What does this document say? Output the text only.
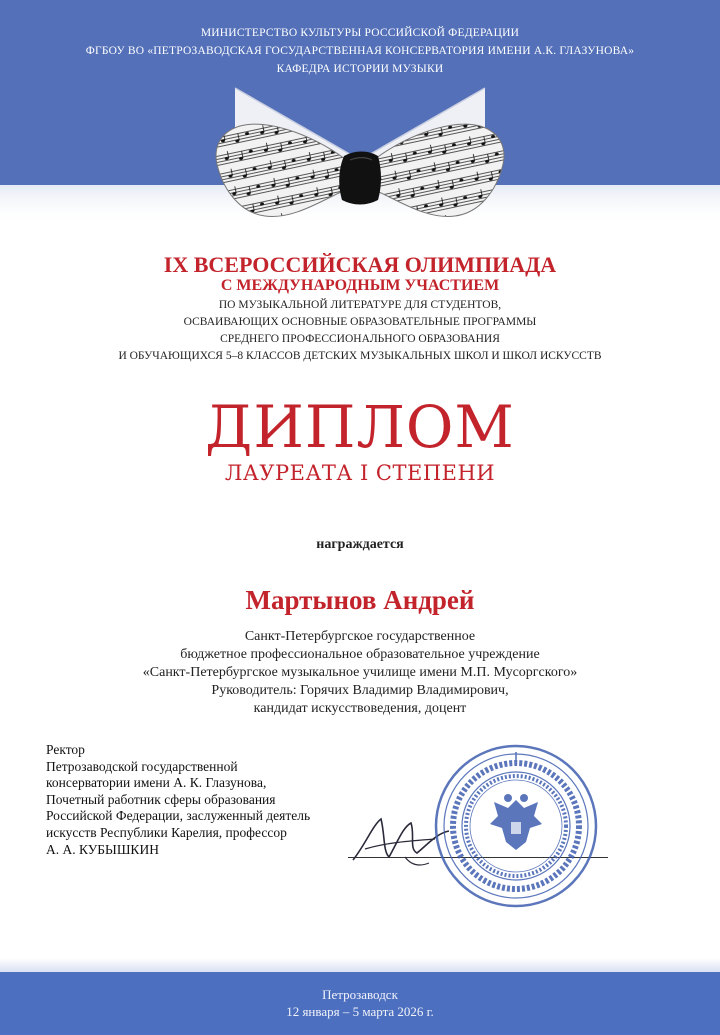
МИНИСТЕРСТВО КУЛЬТУРЫ РОССИЙСКОЙ ФЕДЕРАЦИИ
ФГБОУ ВО «ПЕТРОЗАВОДСКАЯ ГОСУДАРСТВЕННАЯ КОНСЕРВАТОРИЯ ИМЕНИ А.К. ГЛАЗУНОВА»
КАФЕДРА ИСТОРИИ МУЗЫКИ
IX ВСЕРОССИЙСКАЯ ОЛИМПИАДА
С МЕЖДУНАРОДНЫМ УЧАСТИЕМ
ПО МУЗЫКАЛЬНОЙ ЛИТЕРАТУРЕ ДЛЯ СТУДЕНТОВ,
ОСВАИВАЮЩИХ ОСНОВНЫЕ ОБРАЗОВАТЕЛЬНЫЕ ПРОГРАММЫ
СРЕДНЕГО ПРОФЕССИОНАЛЬНОГО ОБРАЗОВАНИЯ
И ОБУЧАЮЩИХСЯ 5–8 КЛАССОВ ДЕТСКИХ МУЗЫКАЛЬНЫХ ШКОЛ И ШКОЛ ИСКУССТВ
ДИПЛОМ
ЛАУРЕАТА I СТЕПЕНИ
награждается
Мартынов Андрей
Санкт-Петербургское государственное
бюджетное профессиональное образовательное учреждение
«Санкт-Петербургское музыкальное училище имени М.П. Мусоргского»
Руководитель: Горячих Владимир Владимирович,
кандидат искусствоведения, доцент
Ректор
Петрозаводской государственной
консерватории имени А. К. Глазунова,
Почетный работник сферы образования
Российской Федерации, заслуженный деятель
искусств Республики Карелия, профессор
А. А. КУБЫШКИН
Петрозаводск
12 января – 5 марта 2026 г.
